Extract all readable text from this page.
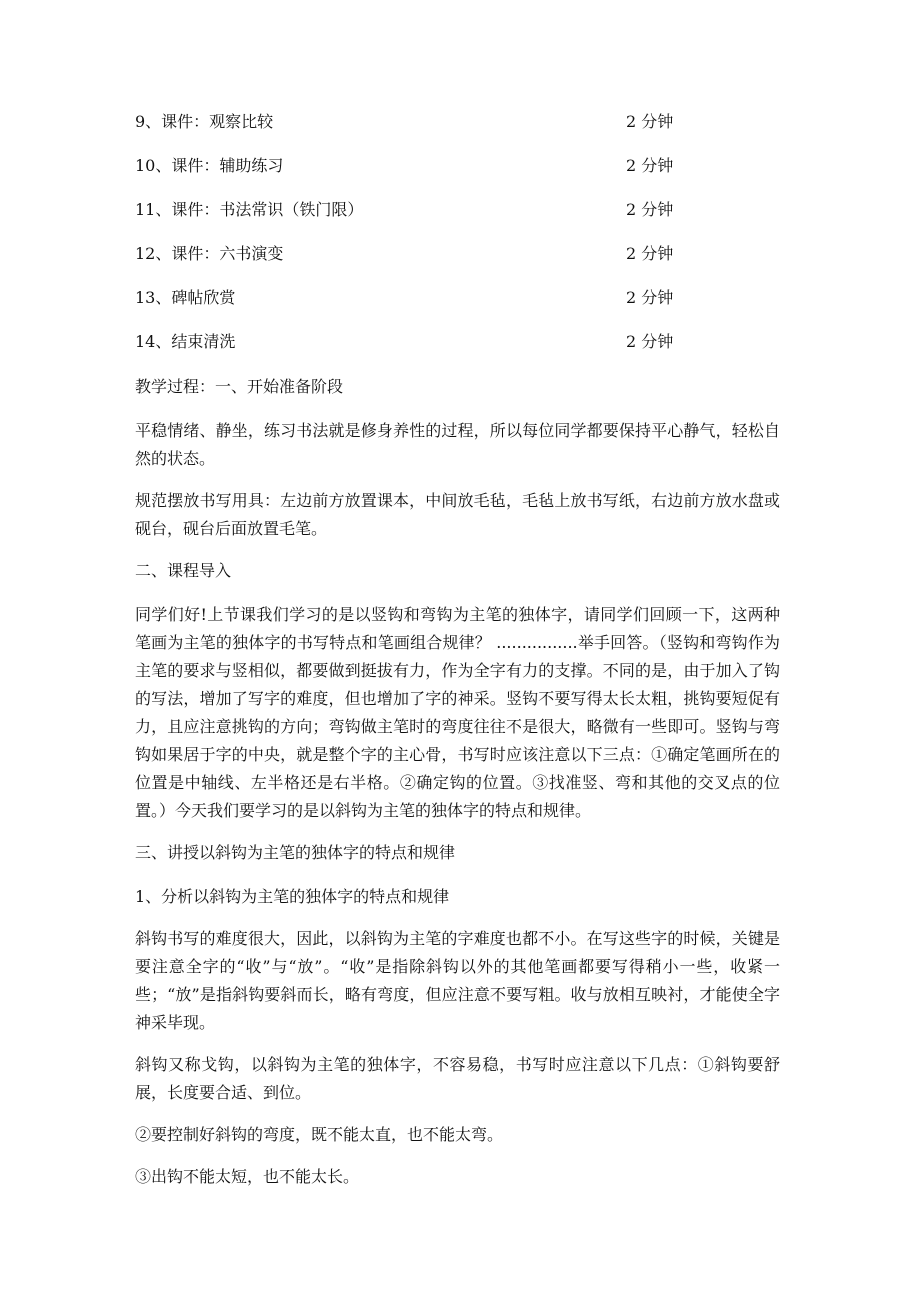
9、课件：观察比较	2 分钟
10、课件：辅助练习	2 分钟
11、课件：书法常识（铁门限）	2 分钟
12、课件：六书演变	2 分钟
13、碑帖欣赏	2 分钟
14、结束清洗	2 分钟

教学过程：一、开始准备阶段

平稳情绪、静坐，练习书法就是修身养性的过程，所以每位同学都要保持平心静气，轻松自然的状态。

规范摆放书写用具：左边前方放置课本，中间放毛毡，毛毡上放书写纸，右边前方放水盘或砚台，砚台后面放置毛笔。

二、课程导入

同学们好!上节课我们学习的是以竖钩和弯钩为主笔的独体字，请同学们回顾一下，这两种笔画为主笔的独体字的书写特点和笔画组合规律？ ................举手回答。（竖钩和弯钩作为主笔的要求与竖相似，都要做到挺拔有力，作为全字有力的支撑。不同的是，由于加入了钩的写法，增加了写字的难度，但也增加了字的神采。竖钩不要写得太长太粗，挑钩要短促有力，且应注意挑钩的方向；弯钩做主笔时的弯度往往不是很大，略微有一些即可。竖钩与弯钩如果居于字的中央，就是整个字的主心骨，书写时应该注意以下三点：①确定笔画所在的位置是中轴线、左半格还是右半格。②确定钩的位置。③找准竖、弯和其他的交叉点的位置。）今天我们要学习的是以斜钩为主笔的独体字的特点和规律。

三、讲授以斜钩为主笔的独体字的特点和规律

1、分析以斜钩为主笔的独体字的特点和规律

斜钩书写的难度很大，因此，以斜钩为主笔的字难度也都不小。在写这些字的时候，关键是要注意全字的“收”与“放”。“收”是指除斜钩以外的其他笔画都要写得稍小一些，收紧一些；“放”是指斜钩要斜而长，略有弯度，但应注意不要写粗。收与放相互映衬，才能使全字神采毕现。

斜钩又称戈钩，以斜钩为主笔的独体字，不容易稳，书写时应注意以下几点：①斜钩要舒展，长度要合适、到位。

②要控制好斜钩的弯度，既不能太直，也不能太弯。

③出钩不能太短，也不能太长。
